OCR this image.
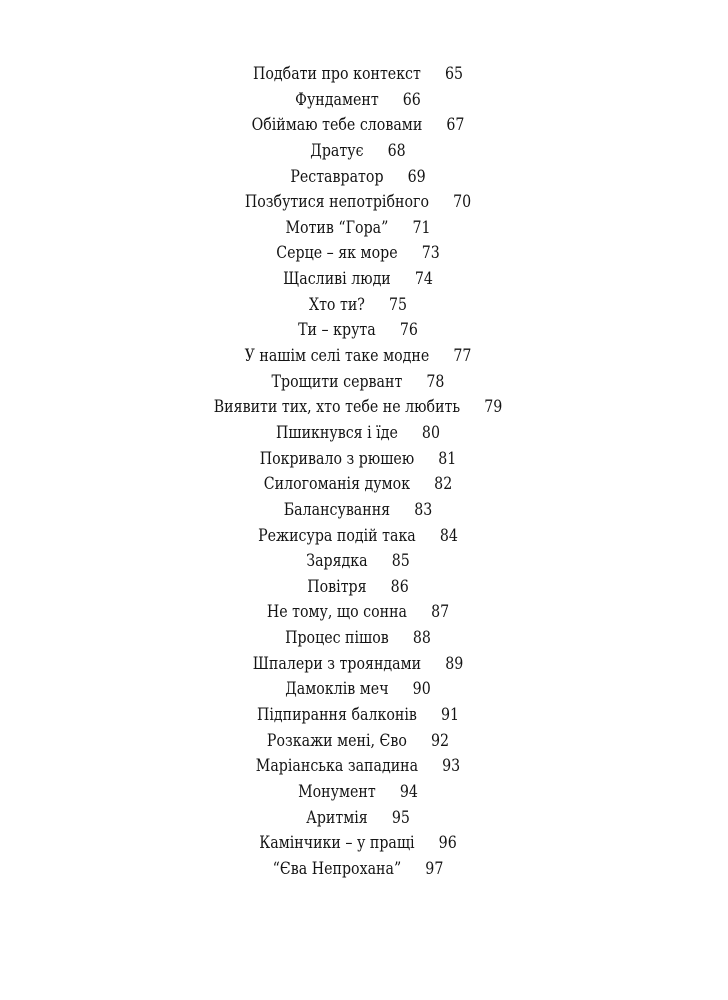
Подбати про контекст 65
Фундамент 66
Обіймаю тебе словами 67
Дратує 68
Реставратор 69
Позбутися непотрібного 70
Мотив “Гора” 71
Серце – як море 73
Щасливі люди 74
Хто ти? 75
Ти – крута 76
У нашім селі таке модне 77
Трощити сервант 78
Виявити тих, хто тебе не любить 79
Пшикнувся і їде 80
Покривало з рюшею 81
Силогоманія думок 82
Балансування 83
Режисура подій така 84
Зарядка 85
Повітря 86
Не тому, що сонна 87
Процес пішов 88
Шпалери з трояндами 89
Дамоклів меч 90
Підпирання балконів 91
Розкажи мені, Єво 92
Маріанська западина 93
Монумент 94
Аритмія 95
Камінчики – у пращі 96
“Єва Непрохана” 97
